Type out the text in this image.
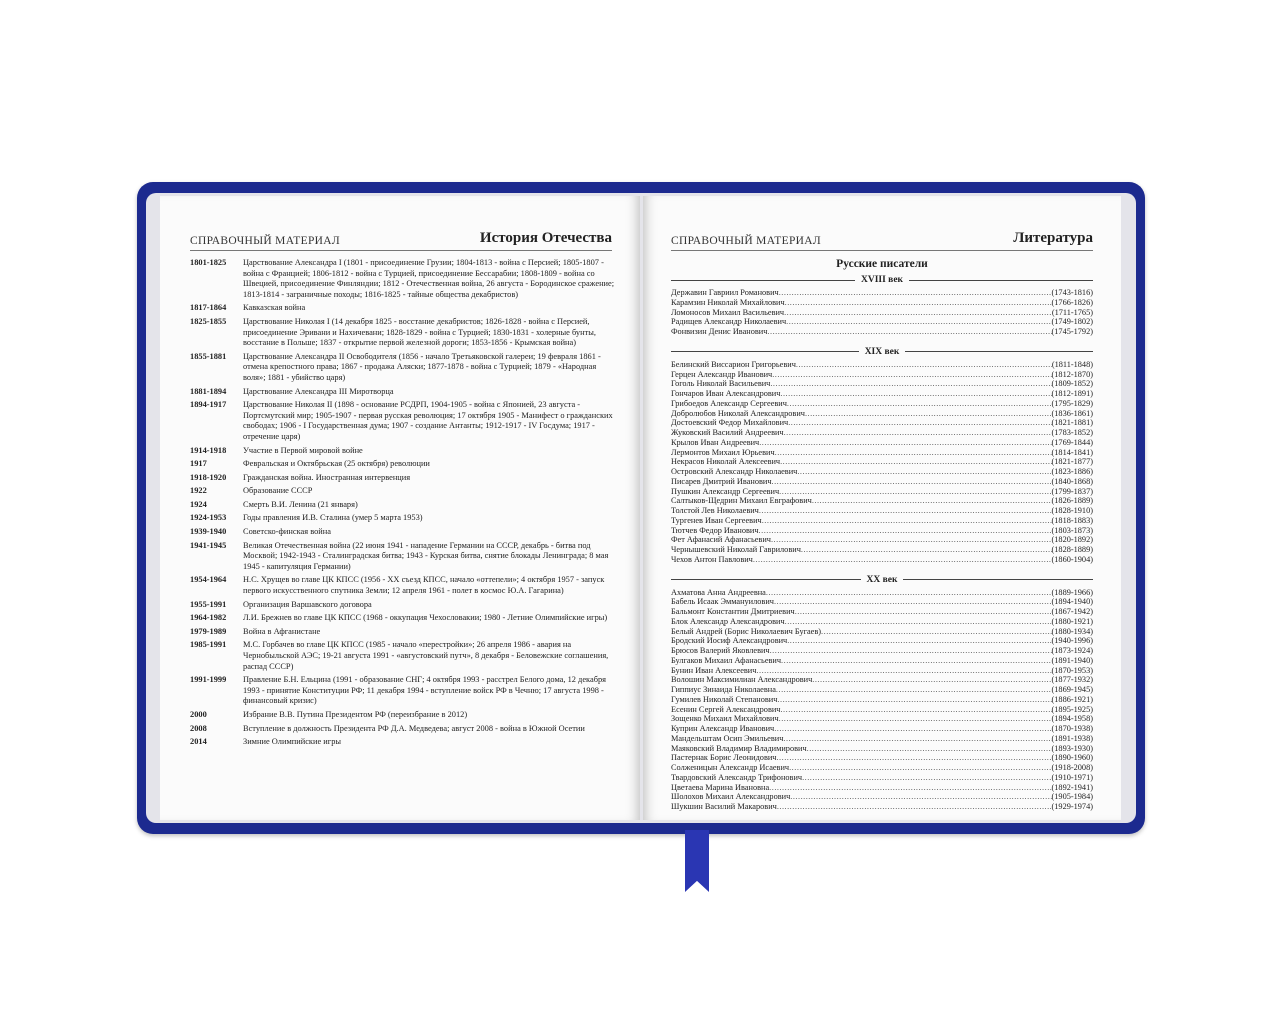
СПРАВОЧНЫЙ МАТЕРИАЛ	История Отечества
1801-1825	Царствование Александра I (1801 - присоединение Грузии; 1804-1813 - война с Персией; 1805-1807 - война с Францией; 1806-1812 - война с Турцией, присоединение Бессарабии; 1808-1809 - война со Швецией, присоединение Финляндии; 1812 - Отечественная война, 26 августа - Бородинское сражение; 1813-1814 - заграничные походы; 1816-1825 - тайные общества декабристов)
1817-1864	Кавказская война
1825-1855	Царствование Николая I (14 декабря 1825 - восстание декабристов; 1826-1828 - война с Персией, присоединение Эривани и Нахичевани; 1828-1829 - война с Турцией; 1830-1831 - холерные бунты, восстание в Польше; 1837 - открытие первой железной дороги; 1853-1856 - Крымская война)
1855-1881	Царствование Александра II Освободителя (1856 - начало Третьяковской галереи; 19 февраля 1861 - отмена крепостного права; 1867 - продажа Аляски; 1877-1878 - война с Турцией; 1879 - «Народная воля»; 1881 - убийство царя)
1881-1894	Царствование Александра III Миротворца
1894-1917	Царствование Николая II (1898 - основание РСДРП, 1904-1905 - война с Японией, 23 августа - Портсмутский мир; 1905-1907 - первая русская революция; 17 октября 1905 - Манифест о гражданских свободах; 1906 - I Государственная дума; 1907 - создание Антанты; 1912-1917 - IV Госдума; 1917 - отречение царя)
1914-1918	Участие в Первой мировой войне
1917	Февральская и Октябрьская (25 октября) революции
1918-1920	Гражданская война. Иностранная интервенция
1922	Образование СССР
1924	Смерть В.И. Ленина (21 января)
1924-1953	Годы правления И.В. Сталина (умер 5 марта 1953)
1939-1940	Советско-финская война
1941-1945	Великая Отечественная война (22 июня 1941 - нападение Германии на СССР, декабрь - битва под Москвой; 1942-1943 - Сталинградская битва; 1943 - Курская битва, снятие блокады Ленинграда; 8 мая 1945 - капитуляция Германии)
1954-1964	Н.С. Хрущев во главе ЦК КПСС (1956 - XX съезд КПСС, начало «оттепели»; 4 октября 1957 - запуск первого искусственного спутника Земли; 12 апреля 1961 - полет в космос Ю.А. Гагарина)
1955-1991	Организация Варшавского договора
1964-1982	Л.И. Брежнев во главе ЦК КПСС (1968 - оккупация Чехословакии; 1980 - Летние Олимпийские игры)
1979-1989	Война в Афганистане
1985-1991	М.С. Горбачев во главе ЦК КПСС (1985 - начало «перестройки»; 26 апреля 1986 - авария на Чернобыльской АЭС; 19-21 августа 1991 - «августовский путч», 8 декабря - Беловежские соглашения, распад СССР)
1991-1999	Правление Б.Н. Ельцина (1991 - образование СНГ; 4 октября 1993 - расстрел Белого дома, 12 декабря 1993 - принятие Конституции РФ; 11 декабря 1994 - вступление войск РФ в Чечню; 17 августа 1998 - финансовый кризис)
2000	Избрание В.В. Путина Президентом РФ (переизбрание в 2012)
2008	Вступление в должность Президента РФ Д.А. Медведева; август 2008 - война в Южной Осетии
2014	Зимние Олимпийские игры
СПРАВОЧНЫЙ МАТЕРИАЛ	Литература
Русские писатели
XVIII век
Державин Гавриил Романович .....	(1743-1816)
Карамзин Николай Михайлович .....	(1766-1826)
Ломоносов Михаил Васильевич .....	(1711-1765)
Радищев Александр Николаевич .....	(1749-1802)
Фонвизин Денис Иванович .....	(1745-1792)
XIX век
Белинский Виссарион Григорьевич .....	(1811-1848)
Герцен Александр Иванович .....	(1812-1870)
Гоголь Николай Васильевич .....	(1809-1852)
Гончаров Иван Александрович .....	(1812-1891)
Грибоедов Александр Сергеевич .....	(1795-1829)
Добролюбов Николай Александрович .....	(1836-1861)
Достоевский Федор Михайлович .....	(1821-1881)
Жуковский Василий Андреевич .....	(1783-1852)
Крылов Иван Андреевич .....	(1769-1844)
Лермонтов Михаил Юрьевич .....	(1814-1841)
Некрасов Николай Алексеевич .....	(1821-1877)
Островский Александр Николаевич .....	(1823-1886)
Писарев Дмитрий Иванович .....	(1840-1868)
Пушкин Александр Сергеевич .....	(1799-1837)
Салтыков-Щедрин Михаил Евграфович .....	(1826-1889)
Толстой Лев Николаевич .....	(1828-1910)
Тургенев Иван Сергеевич .....	(1818-1883)
Тютчев Федор Иванович .....	(1803-1873)
Фет Афанасий Афанасьевич .....	(1820-1892)
Чернышевский Николай Гаврилович .....	(1828-1889)
Чехов Антон Павлович .....	(1860-1904)
XX век
Ахматова Анна Андреевна .....	(1889-1966)
Бабель Исаак Эммануилович .....	(1894-1940)
Бальмонт Константин Дмитриевич .....	(1867-1942)
Блок Александр Александрович .....	(1880-1921)
Белый Андрей (Борис Николаевич Бугаев) .....	(1880-1934)
Бродский Иосиф Александрович .....	(1940-1996)
Брюсов Валерий Яковлевич .....	(1873-1924)
Булгаков Михаил Афанасьевич .....	(1891-1940)
Бунин Иван Алексеевич .....	(1870-1953)
Волошин Максимилиан Александрович .....	(1877-1932)
Гиппиус Зинаида Николаевна .....	(1869-1945)
Гумилев Николай Степанович .....	(1886-1921)
Есенин Сергей Александрович .....	(1895-1925)
Зощенко Михаил Михайлович .....	(1894-1958)
Куприн Александр Иванович .....	(1870-1938)
Мандельштам Осип Эмильевич .....	(1891-1938)
Маяковский Владимир Владимирович .....	(1893-1930)
Пастернак Борис Леонидович .....	(1890-1960)
Солженицын Александр Исаевич .....	(1918-2008)
Твардовский Александр Трифонович .....	(1910-1971)
Цветаева Марина Ивановна .....	(1892-1941)
Шолохов Михаил Александрович .....	(1905-1984)
Шукшин Василий Макарович .....	(1929-1974)
